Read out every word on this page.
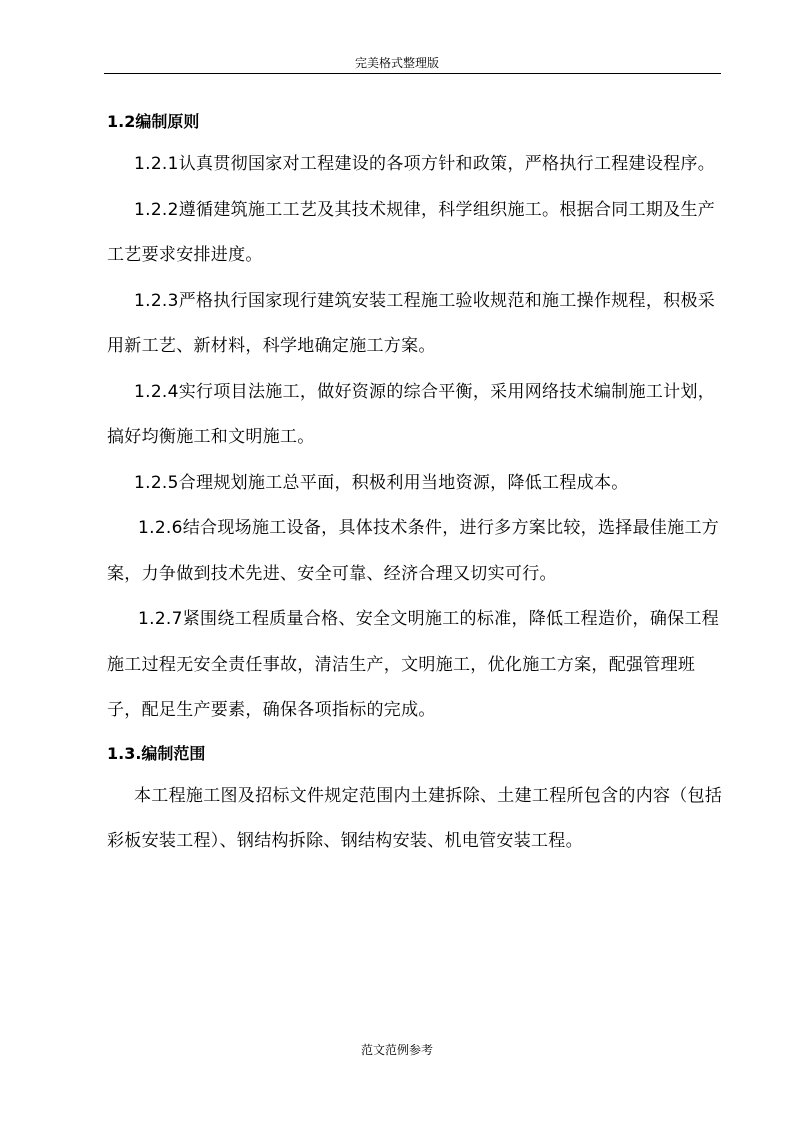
完美格式整理版
1.2编制原则

1.2.1认真贯彻国家对工程建设的各项方针和政策，严格执行工程建设程序。

1.2.2遵循建筑施工工艺及其技术规律，科学组织施工。根据合同工期及生产工艺要求安排进度。

1.2.3严格执行国家现行建筑安装工程施工验收规范和施工操作规程，积极采用新工艺、新材料，科学地确定施工方案。

1.2.4实行项目法施工，做好资源的综合平衡，采用网络技术编制施工计划，搞好均衡施工和文明施工。

1.2.5合理规划施工总平面，积极利用当地资源，降低工程成本。

1.2.6结合现场施工设备，具体技术条件，进行多方案比较，选择最佳施工方案，力争做到技术先进、安全可靠、经济合理又切实可行。

1.2.7紧围绕工程质量合格、安全文明施工的标准，降低工程造价，确保工程施工过程无安全责任事故，清洁生产，文明施工，优化施工方案，配强管理班子，配足生产要素，确保各项指标的完成。

1.3.编制范围

本工程施工图及招标文件规定范围内土建拆除、土建工程所包含的内容（包括彩板安装工程）、钢结构拆除、钢结构安装、机电管安装工程。

范文范例参考
